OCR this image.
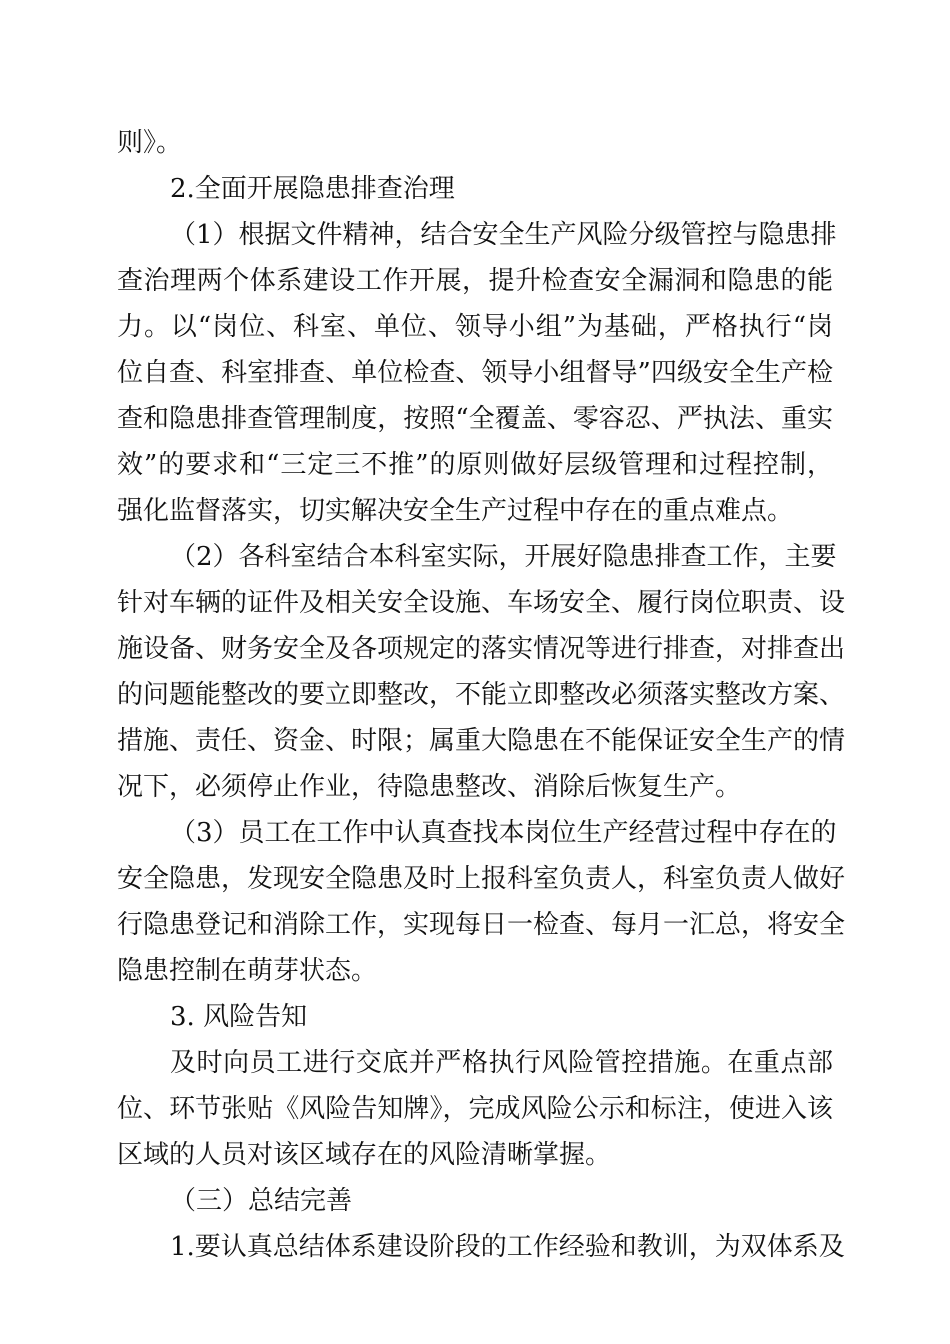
则》。
2.全面开展隐患排查治理
（1）根据文件精神，结合安全生产风险分级管控与隐患排
查治理两个体系建设工作开展，提升检查安全漏洞和隐患的能
力。以“岗位、科室、单位、领导小组”为基础，严格执行“岗
位自查、科室排查、单位检查、领导小组督导”四级安全生产检
查和隐患排查管理制度，按照“全覆盖、零容忍、严执法、重实
效”的要求和“三定三不推”的原则做好层级管理和过程控制，
强化监督落实，切实解决安全生产过程中存在的重点难点。
（2）各科室结合本科室实际，开展好隐患排查工作，主要
针对车辆的证件及相关安全设施、车场安全、履行岗位职责、设
施设备、财务安全及各项规定的落实情况等进行排查，对排查出
的问题能整改的要立即整改，不能立即整改必须落实整改方案、
措施、责任、资金、时限；属重大隐患在不能保证安全生产的情
况下，必须停止作业，待隐患整改、消除后恢复生产。
（3）员工在工作中认真查找本岗位生产经营过程中存在的
安全隐患，发现安全隐患及时上报科室负责人，科室负责人做好
行隐患登记和消除工作，实现每日一检查、每月一汇总，将安全
隐患控制在萌芽状态。
3. 风险告知
及时向员工进行交底并严格执行风险管控措施。在重点部
位、环节张贴《风险告知牌》，完成风险公示和标注，使进入该
区域的人员对该区域存在的风险清晰掌握。
（三）总结完善
1.要认真总结体系建设阶段的工作经验和教训，为双体系及
